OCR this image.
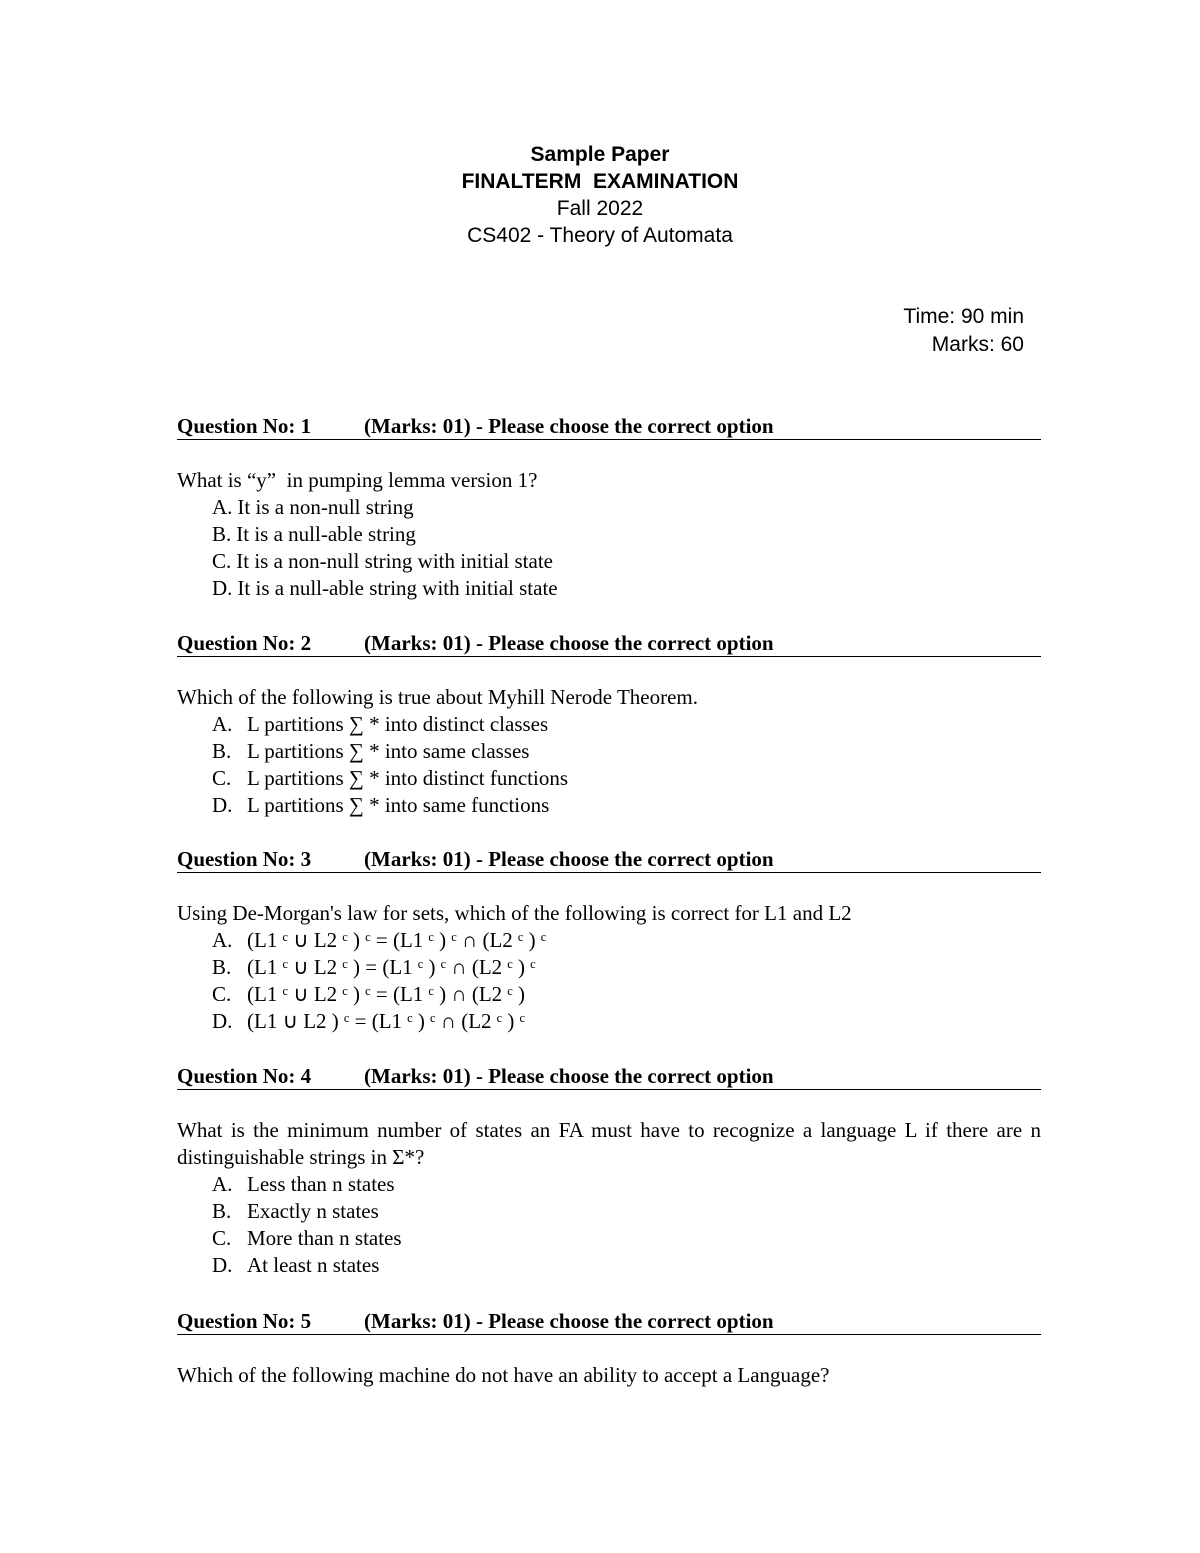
Sample Paper
FINALTERM  EXAMINATION
Fall 2022
CS402 - Theory of Automata
Time: 90 min
Marks: 60
Question No: 1	(Marks: 01) - Please choose the correct option
What is “y”  in pumping lemma version 1?
A. It is a non-null string
B. It is a null-able string
C. It is a non-null string with initial state
D. It is a null-able string with initial state
Question No: 2	(Marks: 01) - Please choose the correct option
Which of the following is true about Myhill Nerode Theorem.
A. L partitions ∑ * into distinct classes
B. L partitions ∑ * into same classes
C. L partitions ∑ * into distinct functions
D. L partitions ∑ * into same functions
Question No: 3	(Marks: 01) - Please choose the correct option
Using De-Morgan's law for sets, which of the following is correct for L1 and L2
A. (L1 ᶜ ∪ L2 ᶜ ) ᶜ = (L1 ᶜ ) ᶜ ∩ (L2 ᶜ ) ᶜ
B. (L1 ᶜ ∪ L2 ᶜ ) = (L1 ᶜ ) ᶜ ∩ (L2 ᶜ ) ᶜ
C. (L1 ᶜ ∪ L2 ᶜ ) ᶜ = (L1 ᶜ ) ∩ (L2 ᶜ )
D. (L1 ∪ L2 ) ᶜ = (L1 ᶜ ) ᶜ ∩ (L2 ᶜ ) ᶜ
Question No: 4	(Marks: 01) - Please choose the correct option
What is the minimum number of states an FA must have to recognize a language L if there are n distinguishable strings in Σ*?
A. Less than n states
B. Exactly n states
C. More than n states
D. At least n states
Question No: 5	(Marks: 01) - Please choose the correct option
Which of the following machine do not have an ability to accept a Language?
